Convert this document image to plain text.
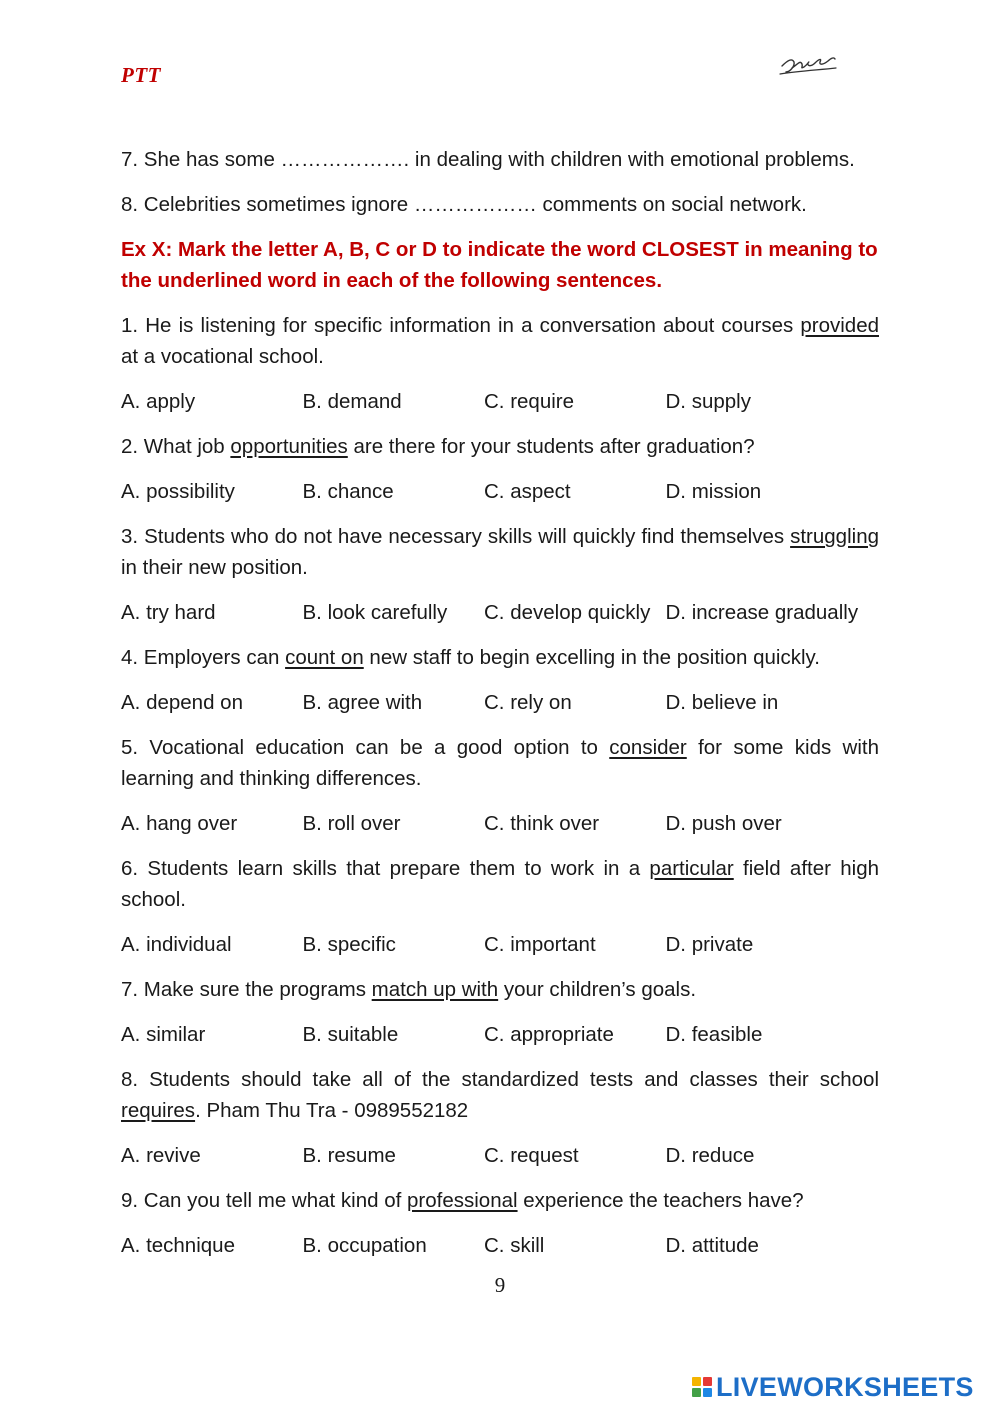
PTT

7. She has some ………………. in dealing with children with emotional problems.

8. Celebrities sometimes ignore ……………… comments on social network.

Ex X: Mark the letter A, B, C or D to indicate the word CLOSEST in meaning to the underlined word in each of the following sentences.

1. He is listening for specific information in a conversation about courses provided at a vocational school.

A. apply	B. demand	C. require	D. supply

2. What job opportunities are there for your students after graduation?

A. possibility	B. chance	C. aspect	D. mission

3. Students who do not have necessary skills will quickly find themselves struggling in their new position.

A. try hard	B. look carefully	C. develop quickly D. increase gradually

4. Employers can count on new staff to begin excelling in the position quickly.

A. depend on	B. agree with	C. rely on	D. believe in

5. Vocational education can be a good option to consider for some kids with learning and thinking differences.

A. hang over	B. roll over	C. think over	D. push over

6. Students learn skills that prepare them to work in a particular field after high school.

A. individual	B. specific	C. important	D. private

7. Make sure the programs match up with your children’s goals.

A. similar	B. suitable	C. appropriate	D. feasible

8. Students should take all of the standardized tests and classes their school requires. Pham Thu Tra - 0989552182

A. revive	B. resume	C. request	D. reduce

9. Can you tell me what kind of professional experience the teachers have?

A. technique	B. occupation	C. skill	D. attitude
9
LIVEWORKSHEETS
